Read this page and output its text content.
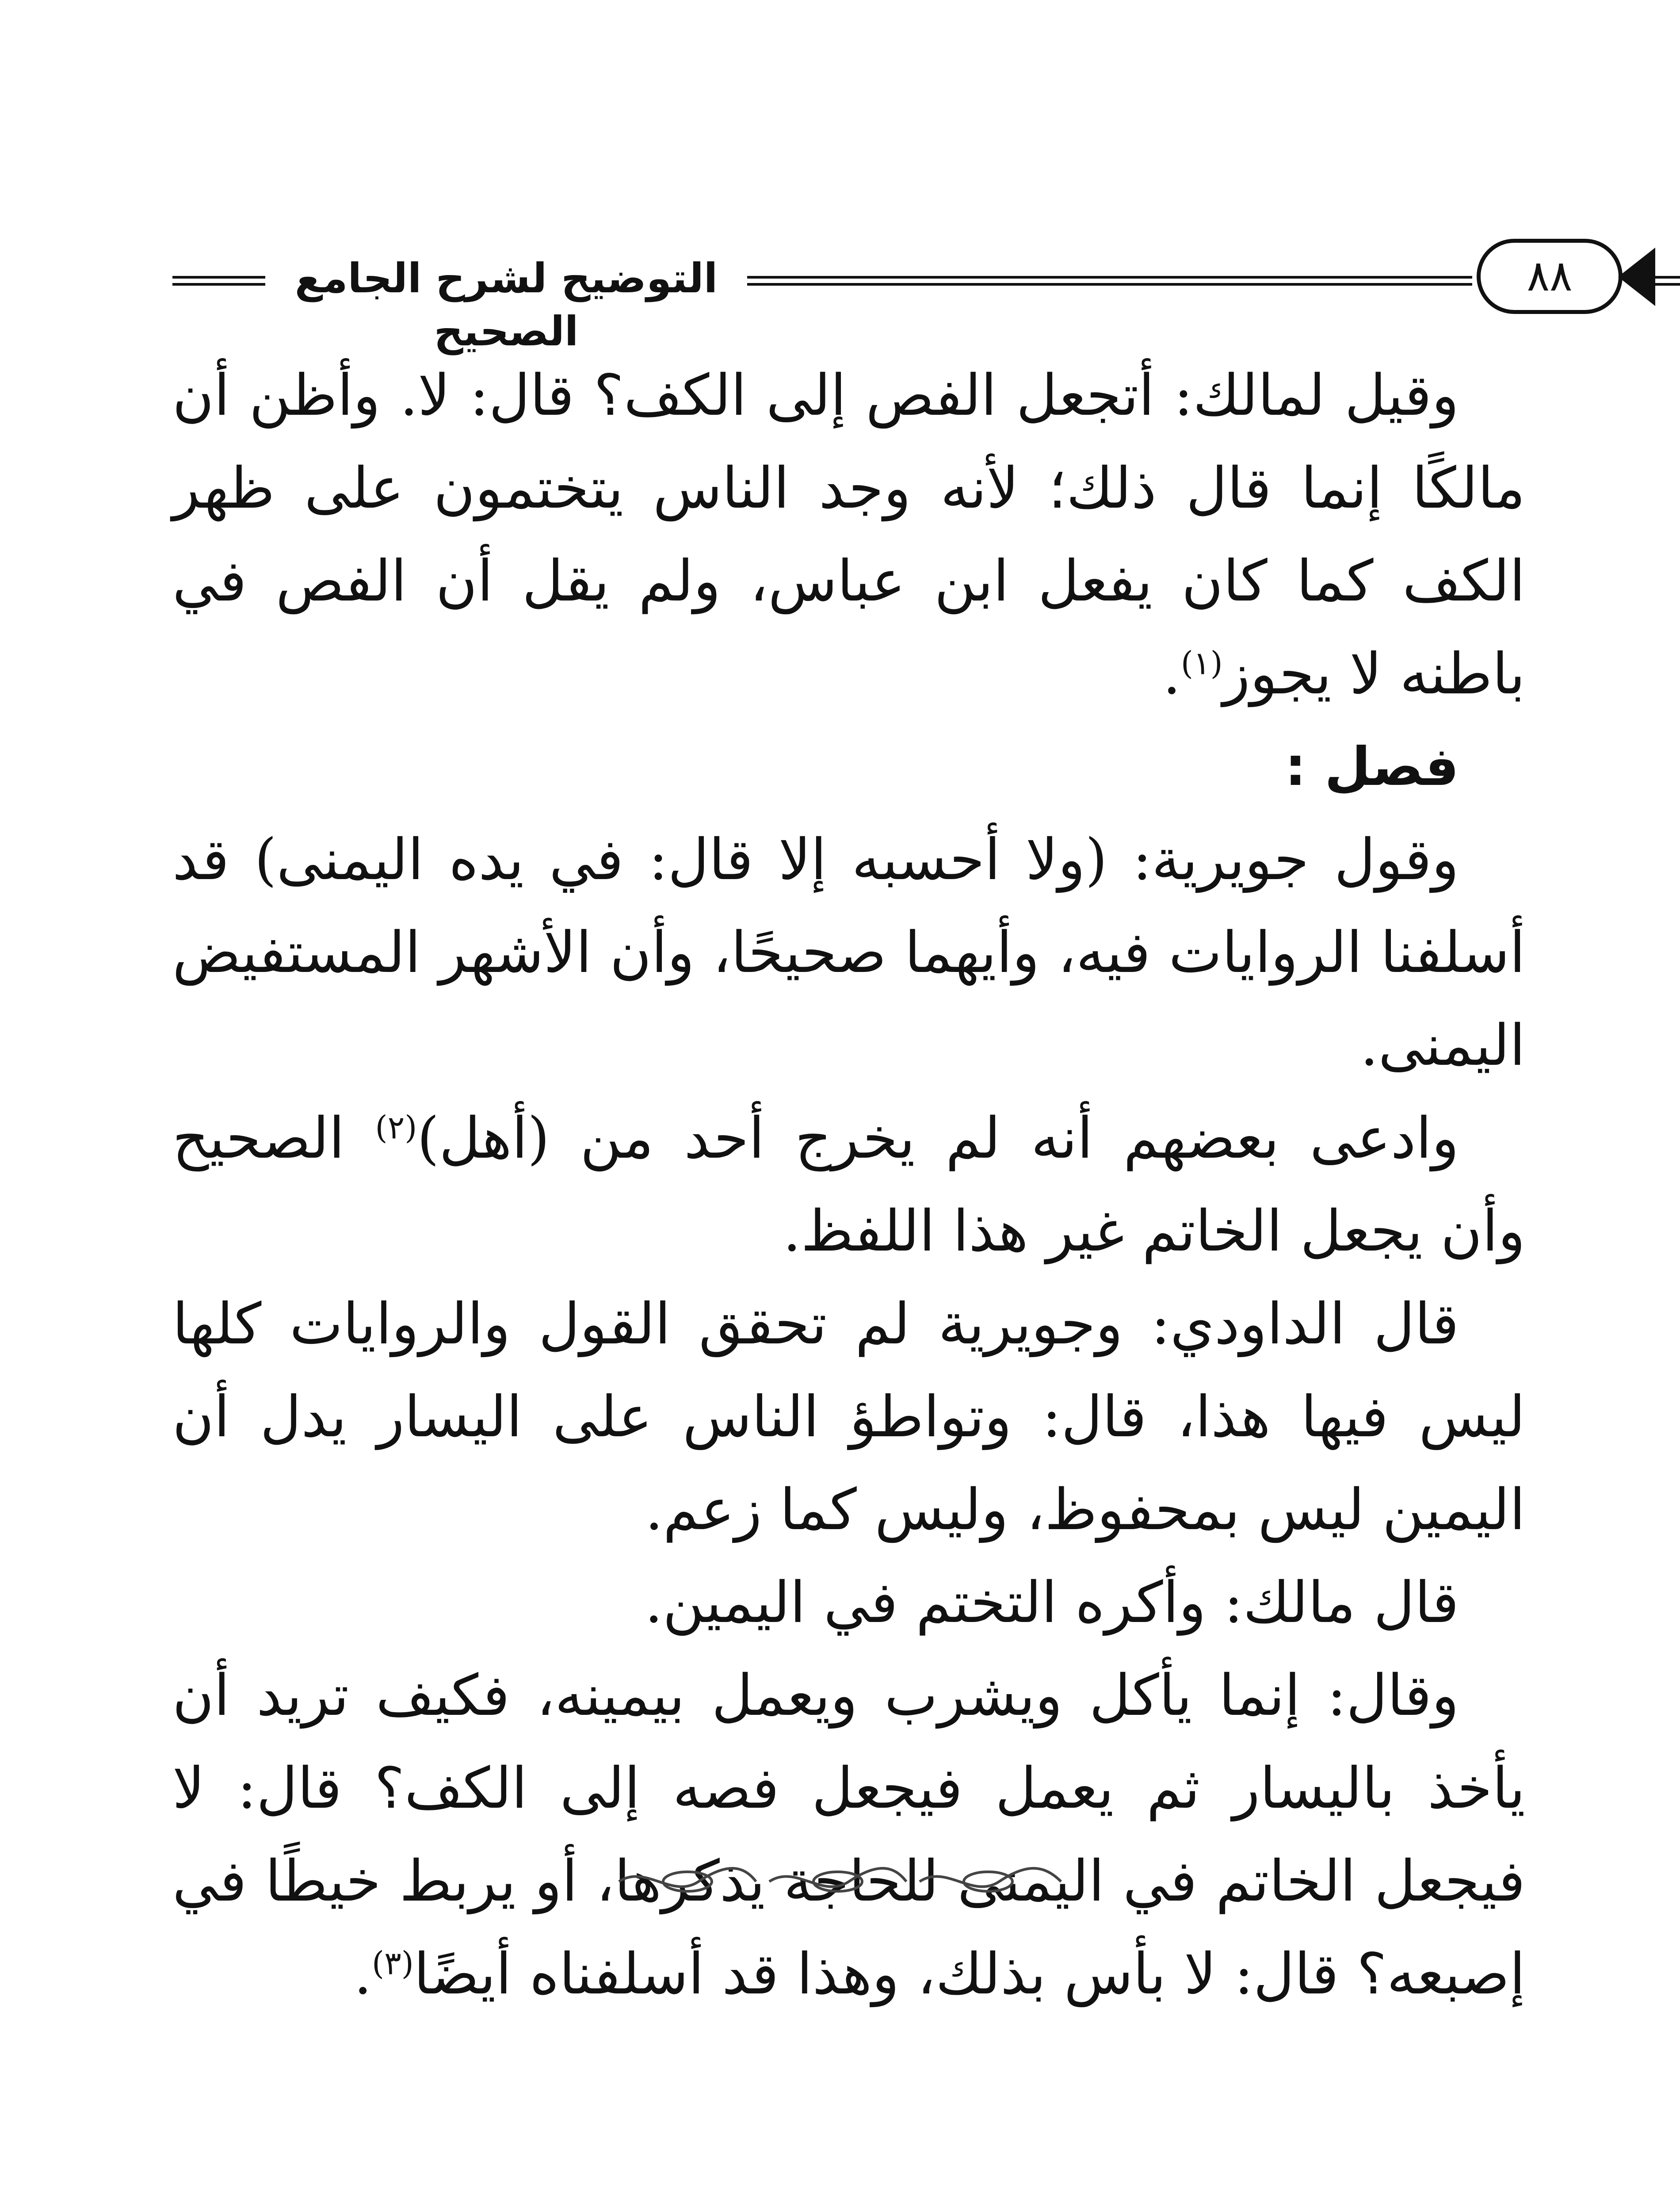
التوضيح لشرح الجامع الصحيح
٨٨

وقيل لمالك: أتجعل الفص إلى الكف؟ قال: لا. وأظن أن مالكًا إنما قال ذلك؛ لأنه وجد الناس يتختمون على ظهر الكف كما كان يفعل ابن عباس، ولم يقل أن الفص في باطنه لا يجوز$^{(١)}$.

فصل :

وقول جويرية: (ولا أحسبه إلا قال: في يده اليمنى) قد أسلفنا الروايات فيه، وأيهما صحيحًا، وأن الأشهر المستفيض اليمنى.

وادعى بعضهم أنه لم يخرج أحد من (أهل)$^{(٢)}$ الصحيح وأن يجعل الخاتم غير هذا اللفظ.

قال الداودي: وجويرية لم تحقق القول والروايات كلها ليس فيها هذا، قال: وتواطؤ الناس على اليسار يدل أن اليمين ليس بمحفوظ، وليس كما زعم.

قال مالك: وأكره التختم في اليمين.

وقال: إنما يأكل ويشرب ويعمل بيمينه، فكيف تريد أن يأخذ باليسار ثم يعمل فيجعل فصه إلى الكف؟ قال: لا فيجعل الخاتم في اليمنى للحاجة يذكرها، أو يربط خيطًا في إصبعه؟ قال: لا بأس بذلك، وهذا قد أسلفناه أيضًا$^{(٣)}$.
